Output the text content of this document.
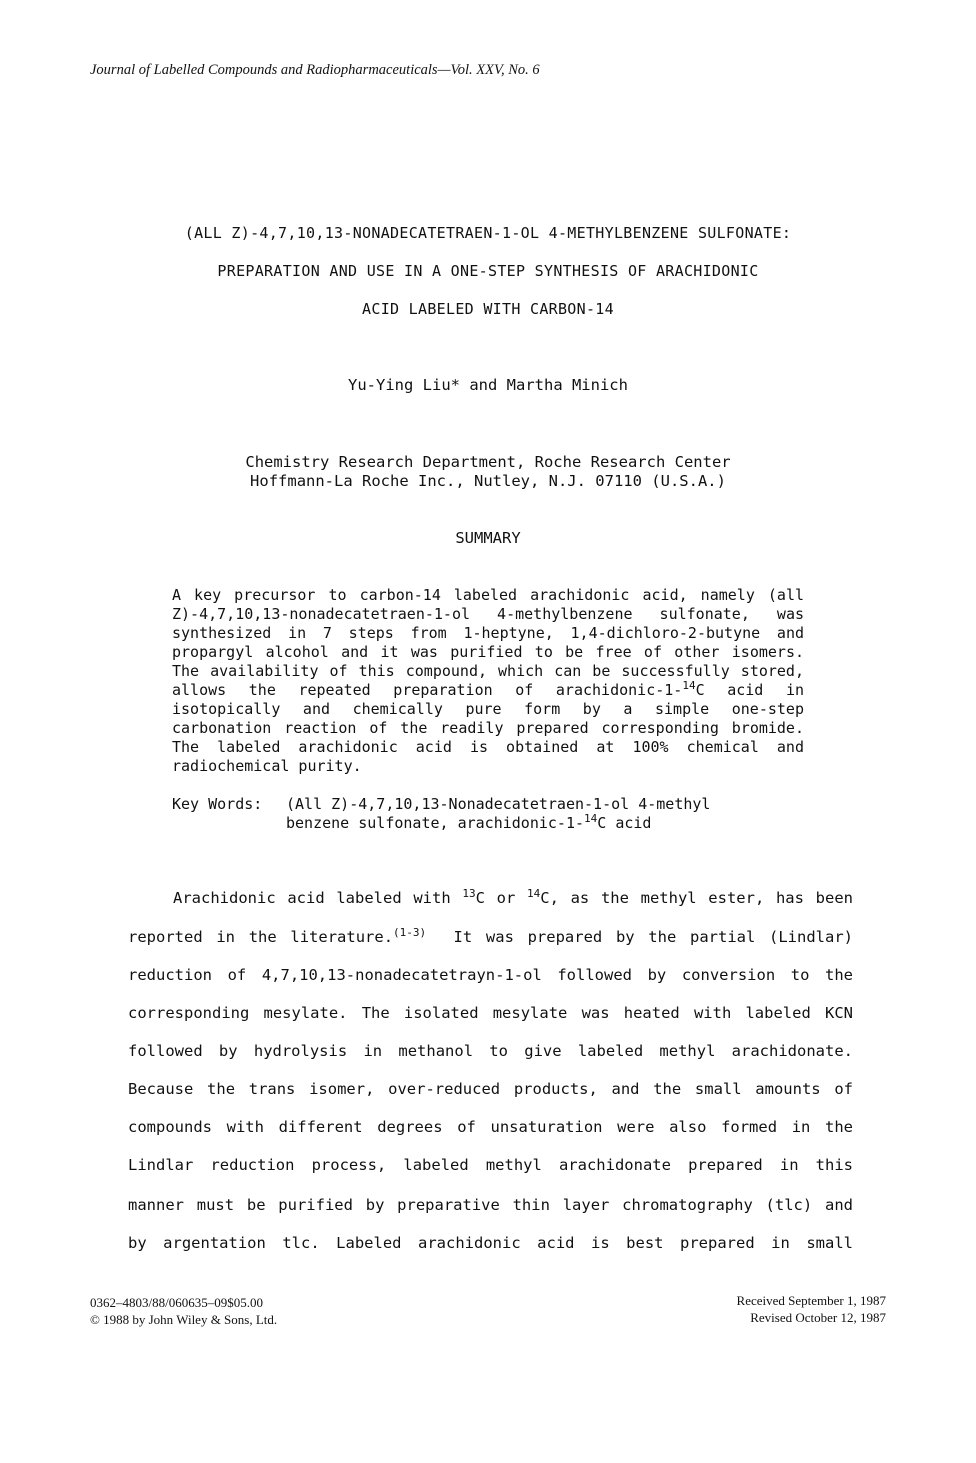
Journal of Labelled Compounds and Radiopharmaceuticals—Vol. XXV, No. 6
(ALL Z)-4,7,10,13-NONADECATETRAEN-1-OL 4-METHYLBENZENE SULFONATE:
PREPARATION AND USE IN A ONE-STEP SYNTHESIS OF ARACHIDONIC
ACID LABELED WITH CARBON-14
Yu-Ying Liu* and Martha Minich
Chemistry Research Department, Roche Research Center
Hoffmann-La Roche Inc., Nutley, N.J. 07110 (U.S.A.)
SUMMARY

A key precursor to carbon-14 labeled arachidonic acid, namely (all Z)-4,7,10,13-nonadecatetraen-1-ol 4-methylbenzene sulfonate, was synthesized in 7 steps from 1-heptyne, 1,4-dichloro-2-butyne and propargyl alcohol and it was purified to be free of other isomers. The availability of this compound, which can be successfully stored, allows the repeated preparation of arachidonic-1-$^{14}$C acid in isotopically and chemically pure form by a simple one-step carbonation reaction of the readily prepared corresponding bromide. The labeled arachidonic acid is obtained at 100% chemical and radiochemical purity.

Key Words: (All Z)-4,7,10,13-Nonadecatetraen-1-ol 4-methyl
benzene sulfonate, arachidonic-1-$^{14}$C acid
Arachidonic acid labeled with $^{13}$C or $^{14}$C, as the methyl ester, has been
reported in the literature.$^{(1-3)}$  It was prepared by the partial (Lindlar)
reduction of 4,7,10,13-nonadecatetrayn-1-ol followed by conversion to the
corresponding mesylate. The isolated mesylate was heated with labeled KCN
followed by hydrolysis in methanol to give labeled methyl arachidonate.
Because the trans isomer, over-reduced products, and the small amounts of
compounds with different degrees of unsaturation were also formed in the
Lindlar reduction process, labeled methyl arachidonate prepared in this
manner must be purified by preparative thin layer chromatography (tlc) and
by argentation tlc. Labeled arachidonic acid is best prepared in small
0362–4803/88/060635–09$05.00
© 1988 by John Wiley & Sons, Ltd.
Received September 1, 1987
Revised October 12, 1987
